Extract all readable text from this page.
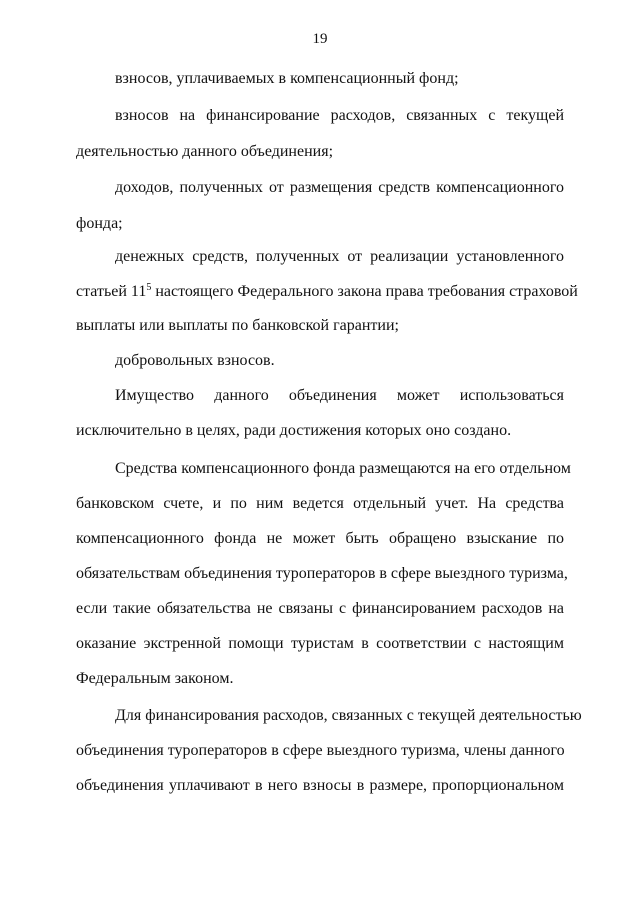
19
взносов, уплачиваемых в компенсационный фонд;
взносов на финансирование расходов, связанных с текущей
деятельностью данного объединения;
доходов, полученных от размещения средств компенсационного
фонда;
денежных средств, полученных от реализации установленного
статьей $11^5$ настоящего Федерального закона права требования страховой
выплаты или выплаты по банковской гарантии;
добровольных взносов.
Имущество данного объединения может использоваться
исключительно в целях, ради достижения которых оно создано.
Средства компенсационного фонда размещаются на его отдельном
банковском счете, и по ним ведется отдельный учет. На средства
компенсационного фонда не может быть обращено взыскание по
обязательствам объединения туроператоров в сфере выездного туризма,
если такие обязательства не связаны с финансированием расходов на
оказание экстренной помощи туристам в соответствии с настоящим
Федеральным законом.
Для финансирования расходов, связанных с текущей деятельностью
объединения туроператоров в сфере выездного туризма, члены данного
объединения уплачивают в него взносы в размере, пропорциональном
